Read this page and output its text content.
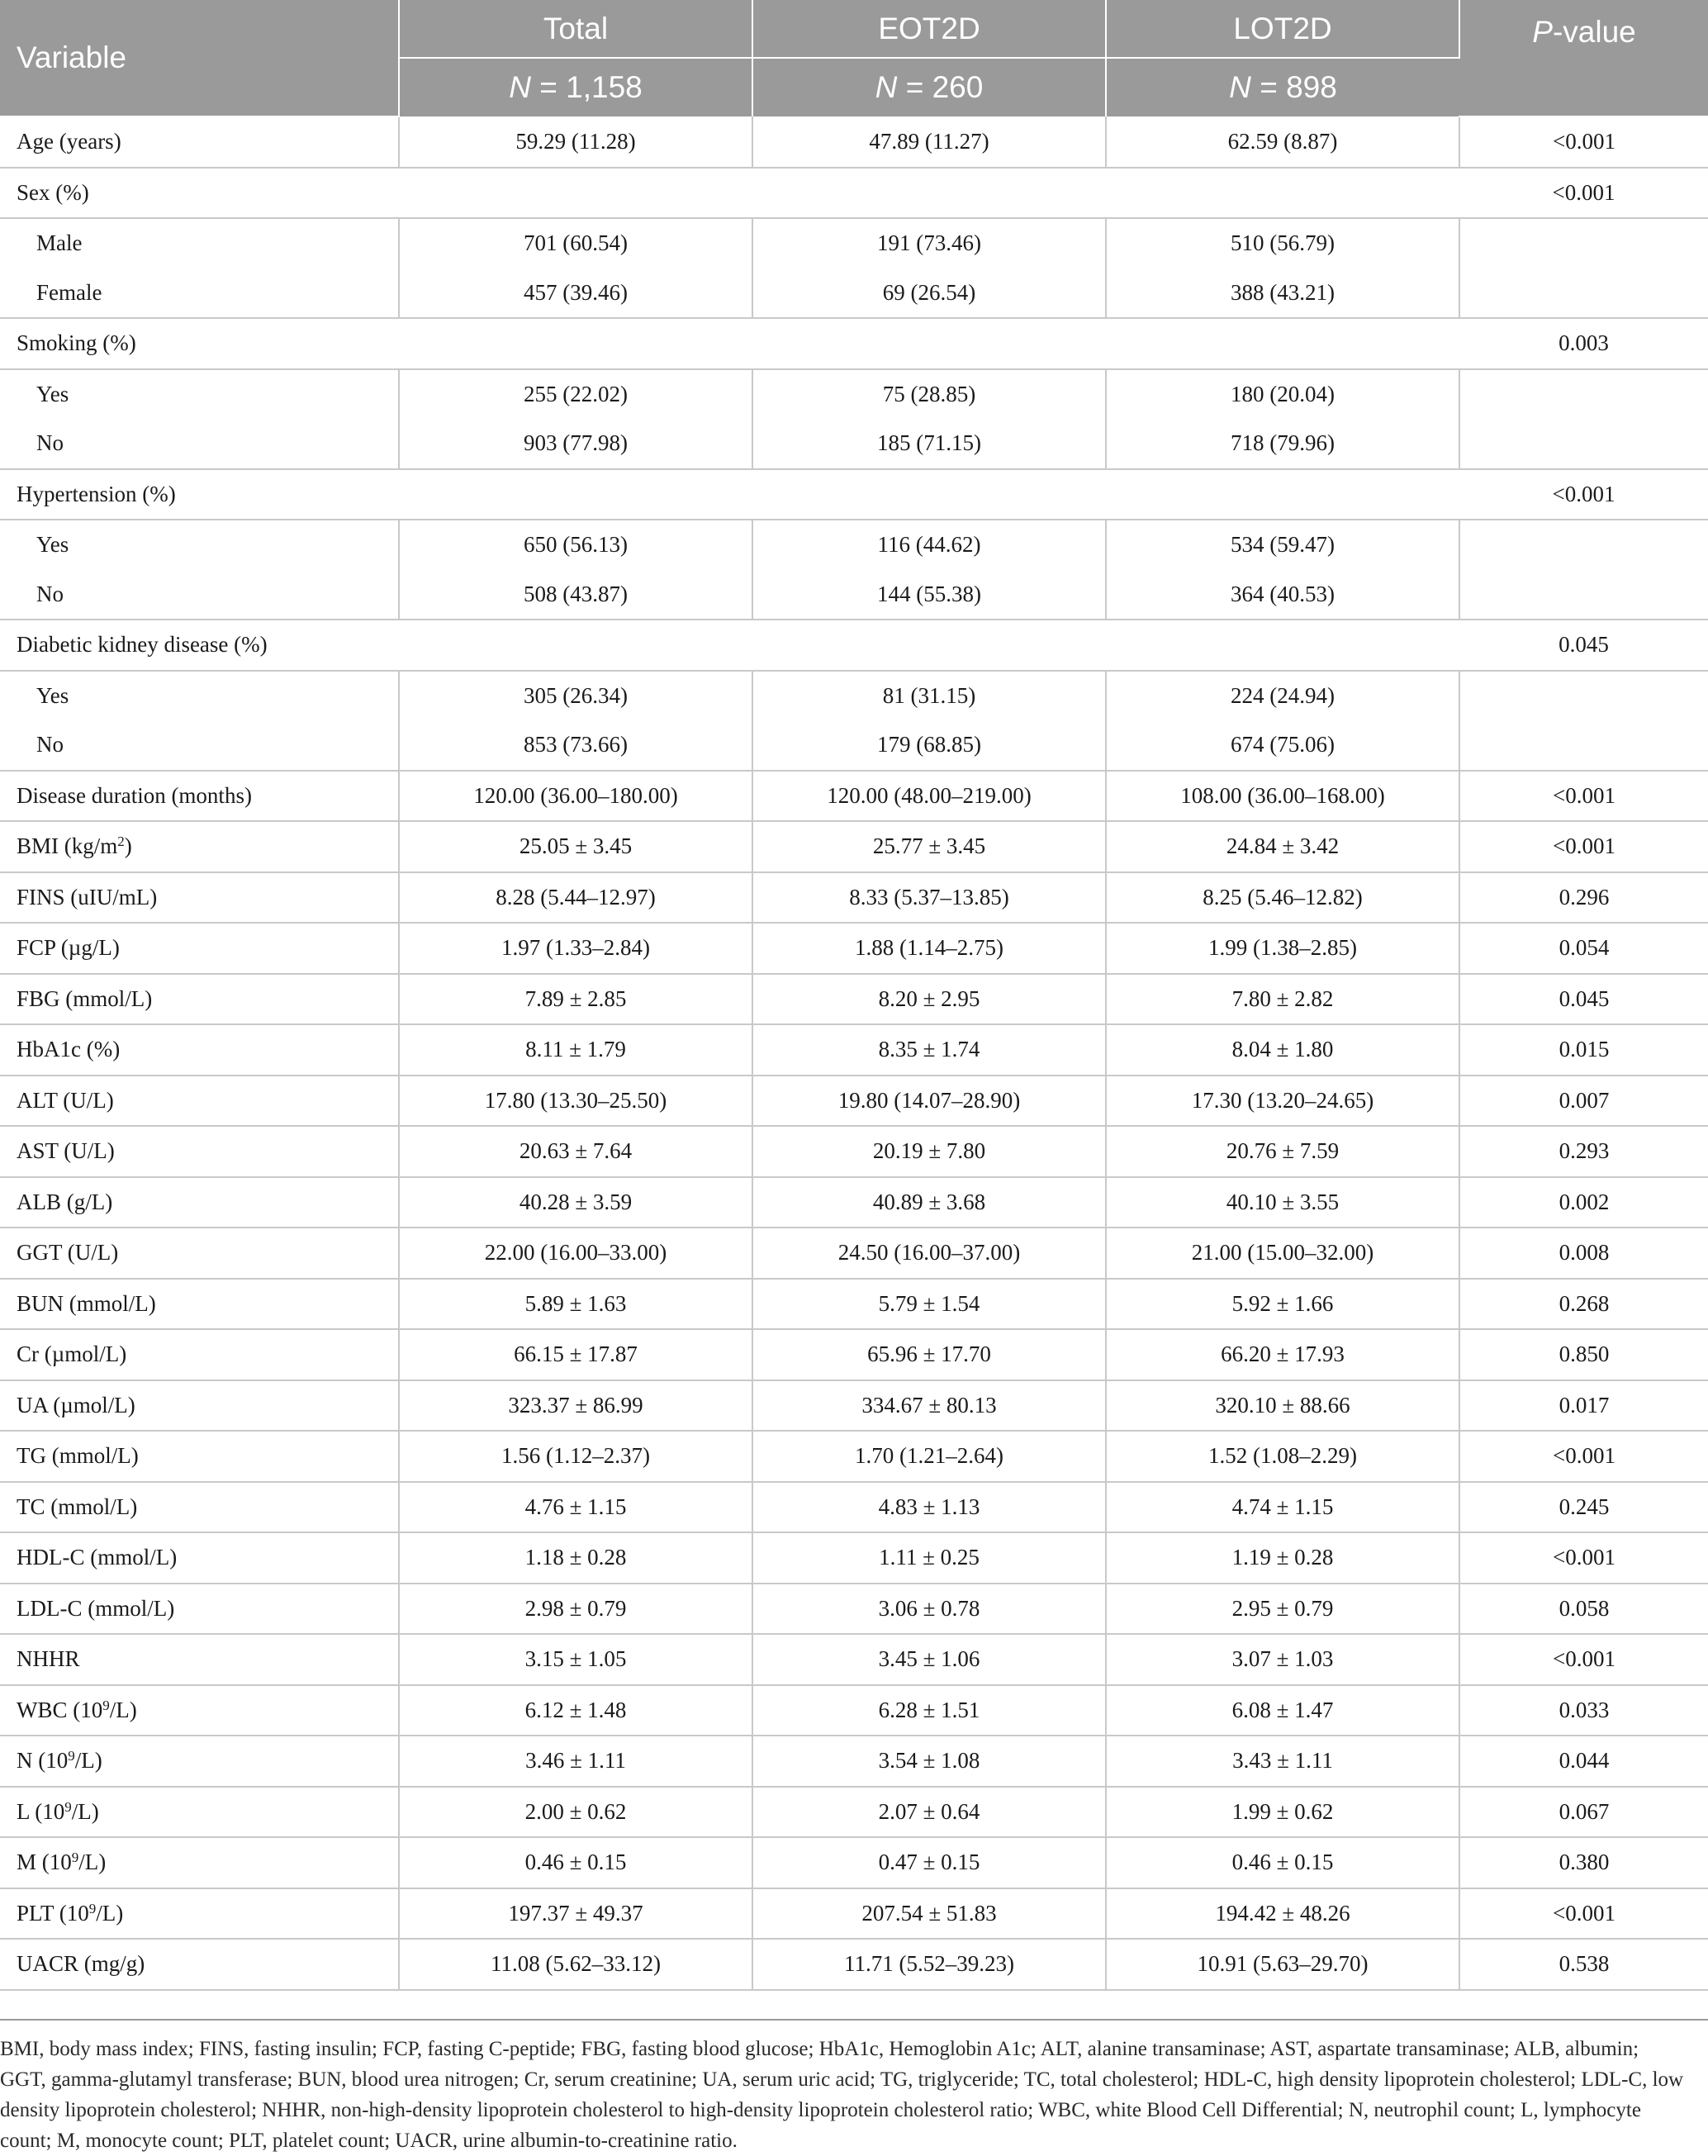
Variable	Total	EOT2D	LOT2D	P-value
	N = 1,158	N = 260	N = 898	
Age (years)	59.29 (11.28)	47.89 (11.27)	62.59 (8.87)	<0.001
Sex (%)				<0.001
Male	701 (60.54)	191 (73.46)	510 (56.79)	
Female	457 (39.46)	69 (26.54)	388 (43.21)	
Smoking (%)				0.003
Yes	255 (22.02)	75 (28.85)	180 (20.04)	
No	903 (77.98)	185 (71.15)	718 (79.96)	
Hypertension (%)				<0.001
Yes	650 (56.13)	116 (44.62)	534 (59.47)	
No	508 (43.87)	144 (55.38)	364 (40.53)	
Diabetic kidney disease (%)				0.045
Yes	305 (26.34)	81 (31.15)	224 (24.94)	
No	853 (73.66)	179 (68.85)	674 (75.06)	
Disease duration (months)	120.00 (36.00–180.00)	120.00 (48.00–219.00)	108.00 (36.00–168.00)	<0.001
BMI $(kg/m^2)$	25.05 ± 3.45	25.77 ± 3.45	24.84 ± 3.42	<0.001
FINS (uIU/mL)	8.28 (5.44–12.97)	8.33 (5.37–13.85)	8.25 (5.46–12.82)	0.296
FCP (µg/L)	1.97 (1.33–2.84)	1.88 (1.14–2.75)	1.99 (1.38–2.85)	0.054
FBG (mmol/L)	7.89 ± 2.85	8.20 ± 2.95	7.80 ± 2.82	0.045
HbA1c (%)	8.11 ± 1.79	8.35 ± 1.74	8.04 ± 1.80	0.015
ALT (U/L)	17.80 (13.30–25.50)	19.80 (14.07–28.90)	17.30 (13.20–24.65)	0.007
AST (U/L)	20.63 ± 7.64	20.19 ± 7.80	20.76 ± 7.59	0.293
ALB (g/L)	40.28 ± 3.59	40.89 ± 3.68	40.10 ± 3.55	0.002
GGT (U/L)	22.00 (16.00–33.00)	24.50 (16.00–37.00)	21.00 (15.00–32.00)	0.008
BUN (mmol/L)	5.89 ± 1.63	5.79 ± 1.54	5.92 ± 1.66	0.268
Cr (µmol/L)	66.15 ± 17.87	65.96 ± 17.70	66.20 ± 17.93	0.850
UA (µmol/L)	323.37 ± 86.99	334.67 ± 80.13	320.10 ± 88.66	0.017
TG (mmol/L)	1.56 (1.12–2.37)	1.70 (1.21–2.64)	1.52 (1.08–2.29)	<0.001
TC (mmol/L)	4.76 ± 1.15	4.83 ± 1.13	4.74 ± 1.15	0.245
HDL-C (mmol/L)	1.18 ± 0.28	1.11 ± 0.25	1.19 ± 0.28	<0.001
LDL-C (mmol/L)	2.98 ± 0.79	3.06 ± 0.78	2.95 ± 0.79	0.058
NHHR	3.15 ± 1.05	3.45 ± 1.06	3.07 ± 1.03	<0.001
WBC $(10^9/L)$	6.12 ± 1.48	6.28 ± 1.51	6.08 ± 1.47	0.033
N $(10^9/L)$	3.46 ± 1.11	3.54 ± 1.08	3.43 ± 1.11	0.044
L $(10^9/L)$	2.00 ± 0.62	2.07 ± 0.64	1.99 ± 0.62	0.067
M $(10^9/L)$	0.46 ± 0.15	0.47 ± 0.15	0.46 ± 0.15	0.380
PLT $(10^9/L)$	197.37 ± 49.37	207.54 ± 51.83	194.42 ± 48.26	<0.001
UACR (mg/g)	11.08 (5.62–33.12)	11.71 (5.52–39.23)	10.91 (5.63–29.70)	0.538
BMI, body mass index; FINS, fasting insulin; FCP, fasting C-peptide; FBG, fasting blood glucose; HbA1c, Hemoglobin A1c; ALT, alanine transaminase; AST, aspartate transaminase; ALB, albumin; GGT, gamma-glutamyl transferase; BUN, blood urea nitrogen; Cr, serum creatinine; UA, serum uric acid; TG, triglyceride; TC, total cholesterol; HDL-C, high density lipoprotein cholesterol; LDL-C, low density lipoprotein cholesterol; NHHR, non-high-density lipoprotein cholesterol to high-density lipoprotein cholesterol ratio; WBC, white Blood Cell Differential; N, neutrophil count; L, lymphocyte count; M, monocyte count; PLT, platelet count; UACR, urine albumin-to-creatinine ratio.
